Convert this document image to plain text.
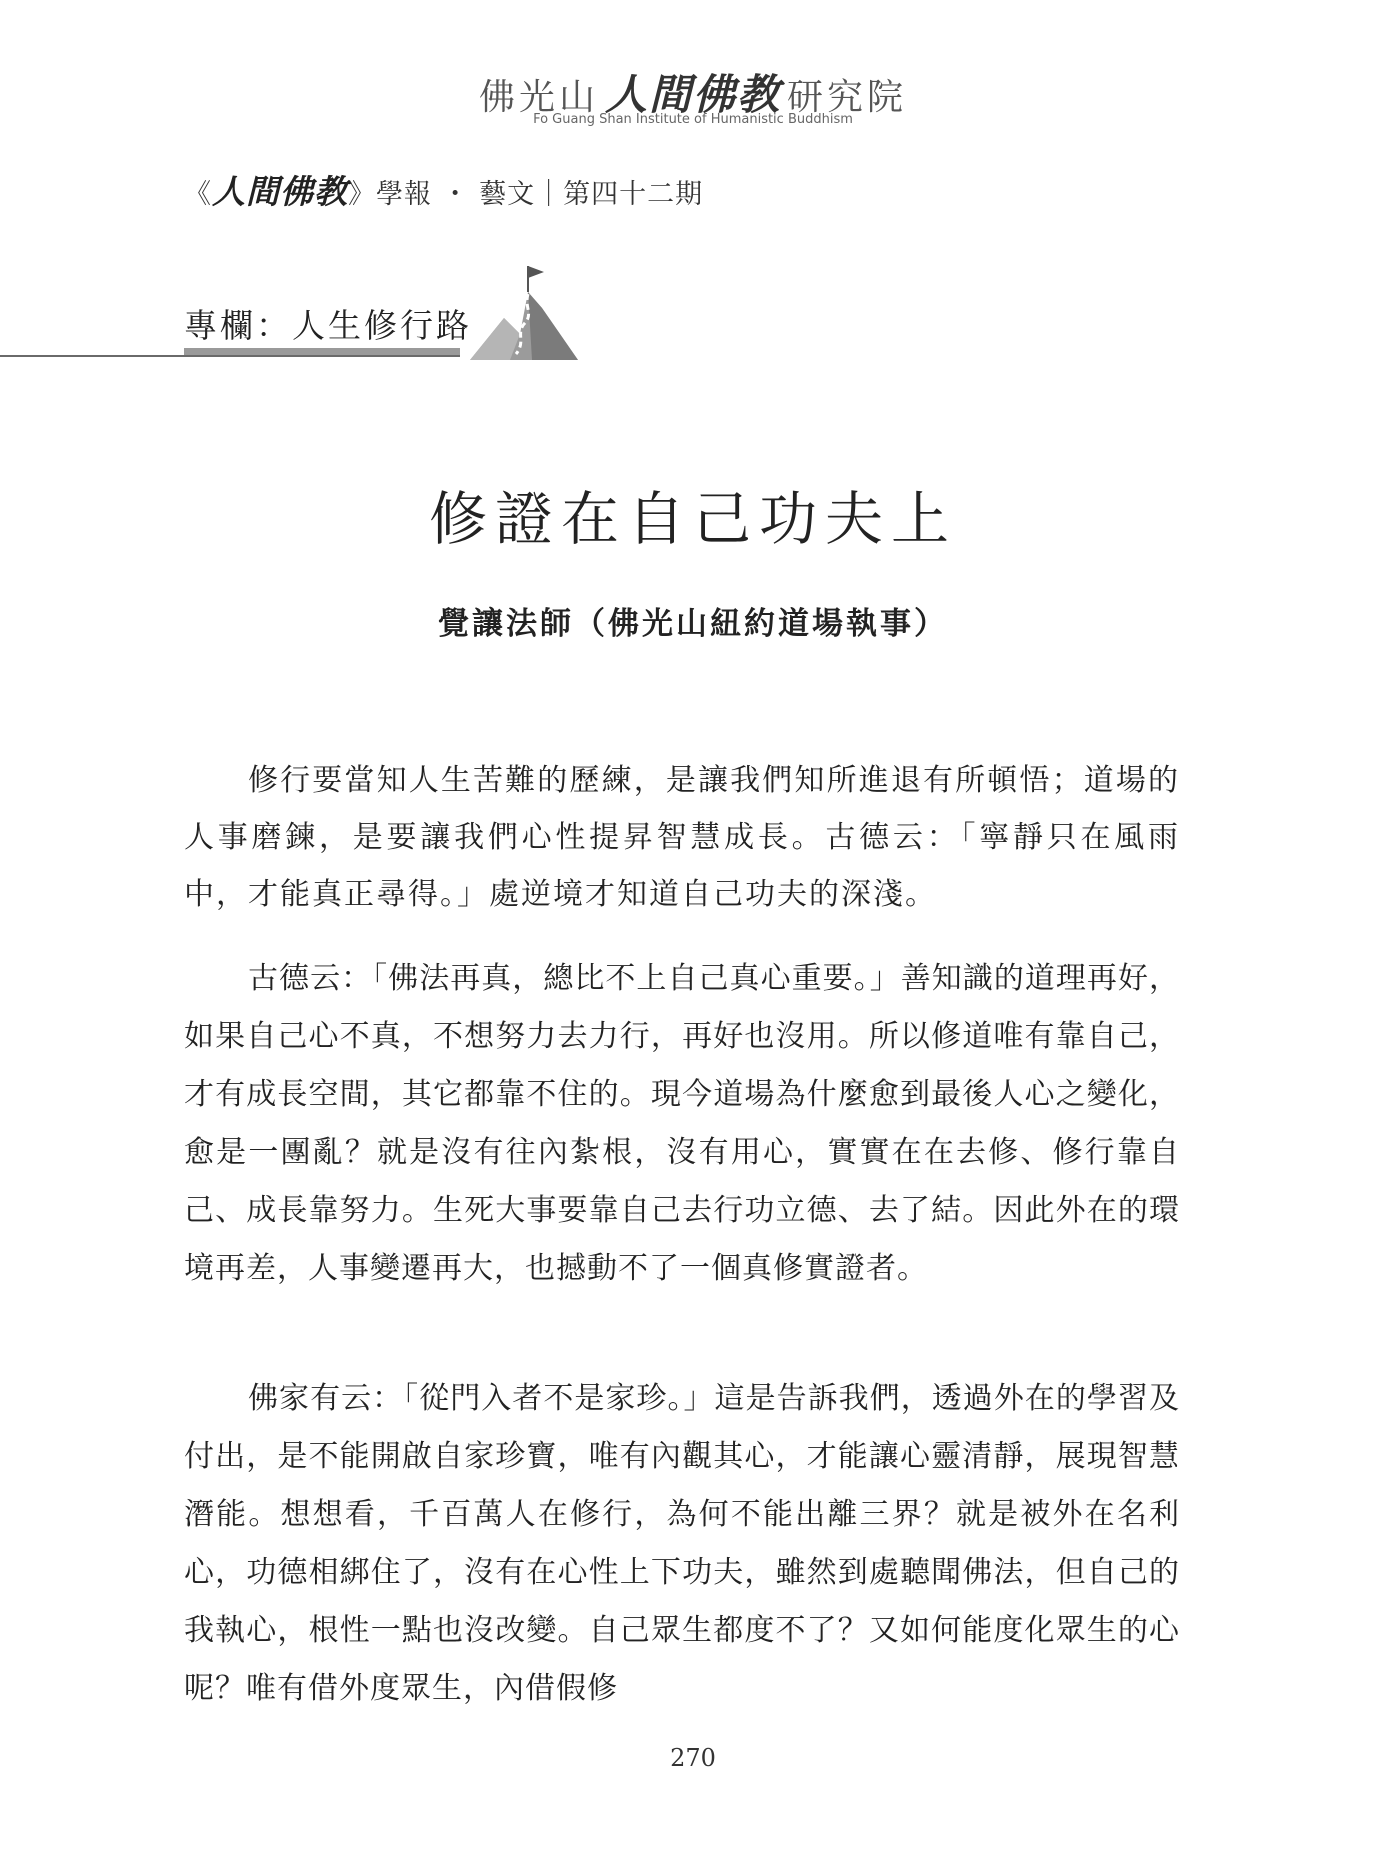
佛光山 人間佛教 研究院
Fo Guang Shan Institute of Humanistic Buddhism
《人間佛教》學報 ・ 藝文｜第四十二期
專欄：人生修行路
修證在自己功夫上
覺讓法師（佛光山紐約道場執事）

修行要當知人生苦難的歷練，是讓我們知所進退有所頓悟；道場的人事磨鍊，是要讓我們心性提昇智慧成長。古德云：「寧靜只在風雨中，才能真正尋得。」處逆境才知道自己功夫的深淺。

古德云：「佛法再真，總比不上自己真心重要。」善知識的道理再好，如果自己心不真，不想努力去力行，再好也沒用。所以修道唯有靠自己，才有成長空間，其它都靠不住的。現今道場為什麼愈到最後人心之變化，愈是一團亂？就是沒有往內紮根，沒有用心，實實在在去修、修行靠自己、成長靠努力。生死大事要靠自己去行功立德、去了結。因此外在的環境再差，人事變遷再大，也撼動不了一個真修實證者。

佛家有云：「從門入者不是家珍。」這是告訴我們，透過外在的學習及付出，是不能開啟自家珍寶，唯有內觀其心，才能讓心靈清靜，展現智慧潛能。想想看，千百萬人在修行，為何不能出離三界？就是被外在名利心，功德相綁住了，沒有在心性上下功夫，雖然到處聽聞佛法，但自己的我執心，根性一點也沒改變。自己眾生都度不了？又如何能度化眾生的心呢？唯有借外度眾生，內借假修

270
